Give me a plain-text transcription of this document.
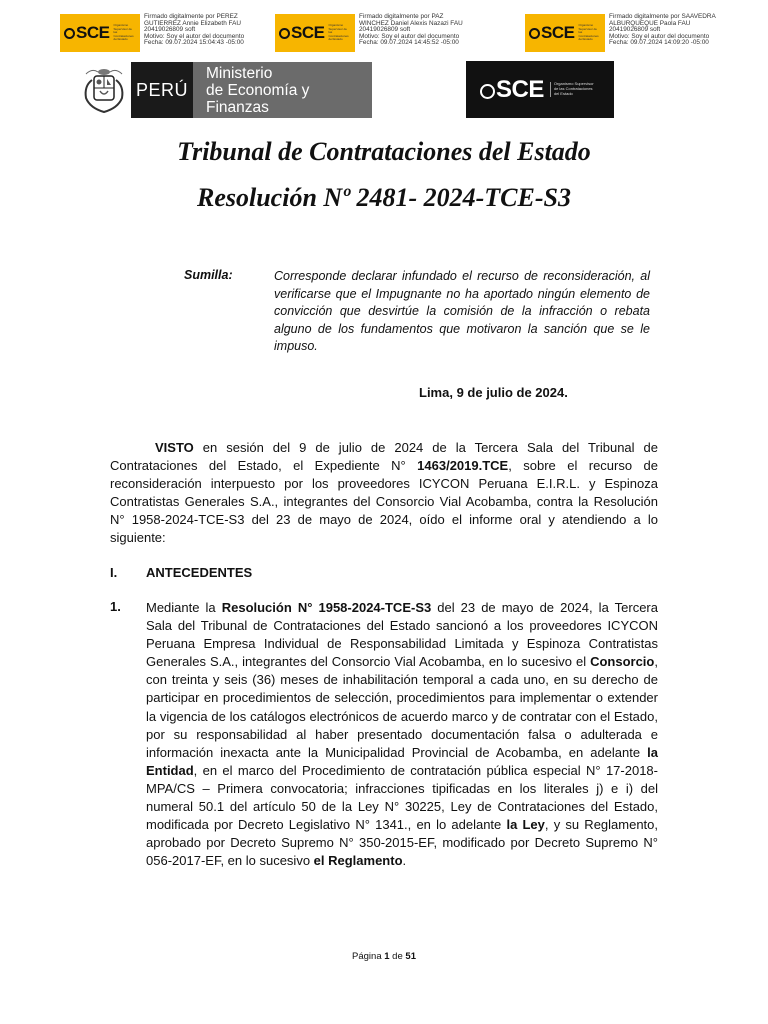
SCE Organismo Supervisor de las Contrataciones del Estado
Firmado digitalmente por PEREZ
GUTIERREZ Annie Elizabeth FAU
20419026809 soft
Motivo: Soy el autor del documento
Fecha: 09.07.2024 15:04:43 -05:00
SCE Organismo Supervisor de las Contrataciones del Estado
Firmado digitalmente por PAZ
WINCHEZ Daniel Alexis Nazazi FAU
20419026809 soft
Motivo: Soy el autor del documento
Fecha: 09.07.2024 14:45:52 -05:00
SCE Organismo Supervisor de las Contrataciones del Estado
Firmado digitalmente por SAAVEDRA
ALBURQUEQUE Paola FAU
20419026809 soft
Motivo: Soy el autor del documento
Fecha: 09.07.2024 14:09:20 -05:00
PERÚ
Ministerio
de Economía y Finanzas
SCE	Organismo Supervisor de las Contrataciones del Estado
Tribunal de Contrataciones del Estado
Resolución Nº 2481- 2024-TCE-S3
Sumilla:	Corresponde declarar infundado el recurso de reconsideración, al verificarse que el Impugnante no ha aportado ningún elemento de convicción que desvirtúe la comisión de la infracción o rebata alguno de los fundamentos que motivaron la sanción que se le impuso.

Lima, 9 de julio de 2024.

VISTO en sesión del 9 de julio de 2024 de la Tercera Sala del Tribunal de Contrataciones del Estado, el Expediente N° 1463/2019.TCE, sobre el recurso de reconsideración interpuesto por los proveedores ICYCON Peruana E.I.R.L. y Espinoza Contratistas Generales S.A., integrantes del Consorcio Vial Acobamba, contra la Resolución N° 1958-2024-TCE-S3 del 23 de mayo de 2024, oído el informe oral y atendiendo a lo siguiente:

I. ANTECEDENTES
1. Mediante la Resolución N° 1958-2024-TCE-S3 del 23 de mayo de 2024, la Tercera Sala del Tribunal de Contrataciones del Estado sancionó a los proveedores ICYCON Peruana Empresa Individual de Responsabilidad Limitada y Espinoza Contratistas Generales S.A., integrantes del Consorcio Vial Acobamba, en lo sucesivo el Consorcio, con treinta y seis (36) meses de inhabilitación temporal a cada uno, en su derecho de participar en procedimientos de selección, procedimientos para implementar o extender la vigencia de los catálogos electrónicos de acuerdo marco y de contratar con el Estado, por su responsabilidad al haber presentado documentación falsa o adulterada e información inexacta ante la Municipalidad Provincial de Acobamba, en adelante la Entidad, en el marco del Procedimiento de contratación pública especial N° 17-2018-MPA/CS – Primera convocatoria; infracciones tipificadas en los literales j) e i) del numeral 50.1 del artículo 50 de la Ley N° 30225, Ley de Contrataciones del Estado, modificada por Decreto Legislativo N° 1341., en lo adelante la Ley, y su Reglamento, aprobado por Decreto Supremo N° 350-2015-EF, modificado por Decreto Supremo N° 056-2017-EF, en lo sucesivo el Reglamento.

Página 1 de 51
